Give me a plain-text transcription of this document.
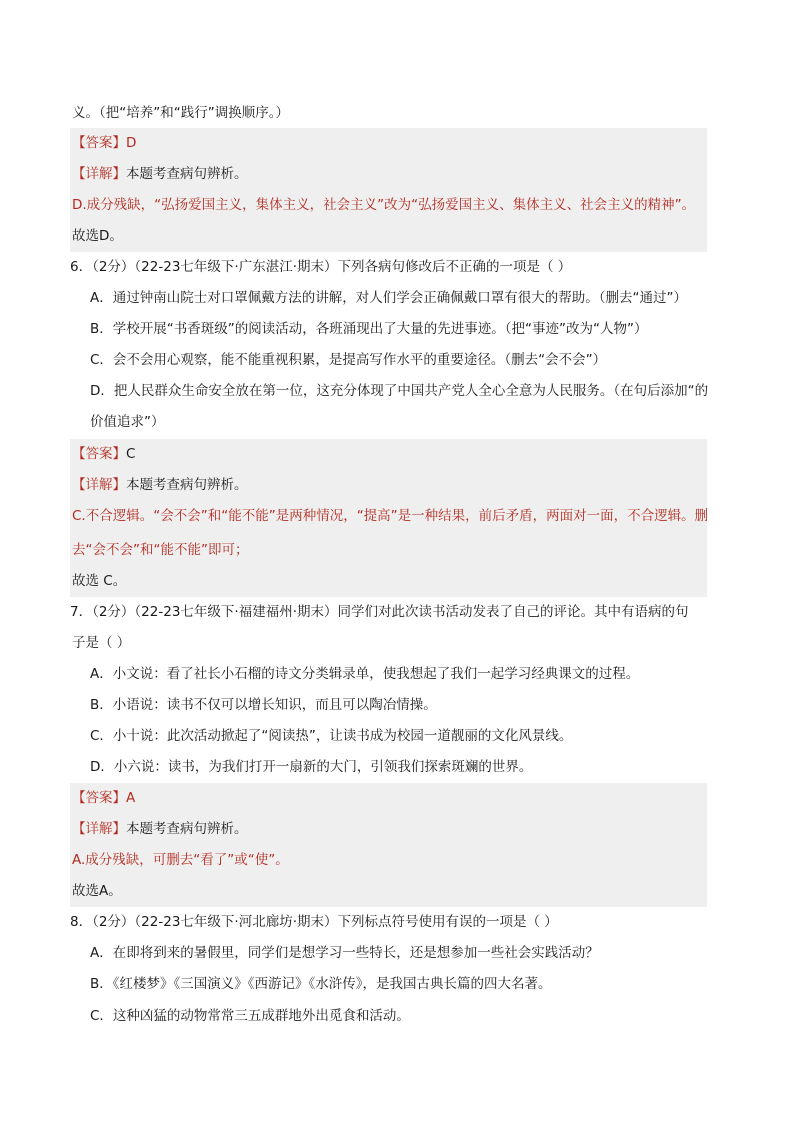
义。（把“培养”和“践行”调换顺序。）
【答案】D
【详解】本题考查病句辨析。
D.成分残缺，“弘扬爱国主义，集体主义，社会主义”改为“弘扬爱国主义、集体主义、社会主义的精神”。
故选D。
6．（2分）（22-23七年级下·广东湛江·期末）下列各病句修改后不正确的一项是（ ）
A．通过钟南山院士对口罩佩戴方法的讲解，对人们学会正确佩戴口罩有很大的帮助。（删去“通过”）
B．学校开展“书香斑级”的阅读活动，各班涌现出了大量的先进事迹。（把“事迹”改为“人物”）
C．会不会用心观察，能不能重视积累，是提高写作水平的重要途径。（删去“会不会”）
D．把人民群众生命安全放在第一位，这充分体现了中国共产党人全心全意为人民服务。（在句后添加“的
价值追求”）
【答案】C
【详解】本题考查病句辨析。
C.不合逻辑。“会不会”和“能不能”是两种情况，“提高”是一种结果，前后矛盾，两面对一面，不合逻辑。删
去“会不会”和“能不能”即可；
故选 C。
7．（2分）（22-23七年级下·福建福州·期末）同学们对此次读书活动发表了自己的评论。其中有语病的句
子是（ ）
A．小文说：看了社长小石榴的诗文分类辑录单，使我想起了我们一起学习经典课文的过程。
B．小语说：读书不仅可以增长知识，而且可以陶冶情操。
C．小十说：此次活动掀起了“阅读热”，让读书成为校园一道靓丽的文化风景线。
D．小六说：读书，为我们打开一扇新的大门，引领我们探索斑斓的世界。
【答案】A
【详解】本题考查病句辨析。
A.成分残缺，可删去“看了”或“使”。
故选A。
8．（2分）（22-23七年级下·河北廊坊·期末）下列标点符号使用有误的一项是（ ）
A．在即将到来的暑假里，同学们是想学习一些特长，还是想参加一些社会实践活动？
B．《红楼梦》《三国演义》《西游记》《水浒传》，是我国古典长篇的四大名著。
C．这种凶猛的动物常常三五成群地外出觅食和活动。
